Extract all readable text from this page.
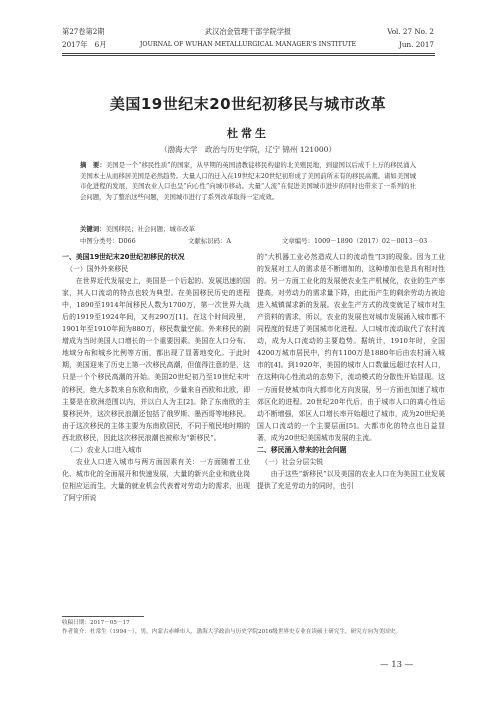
第27卷第2期
2017年　6月
武汉冶金管理干部学院学报
JOURNAL OF WUHAN METALLURGICAL MANAGER'S INSTITUTE
Vol. 27 No. 2
Jun. 2017
美国19世纪末20世纪初移民与城市改革
杜常生
（渤海大学　政治与历史学院，辽宁 锦州 121000）
摘　要：美国是一个“移民性质”的国家，从早期的英国清教徒移民构建的北美殖民地，到建国以后成千上万的移民涌入美国本土从而移居美国是必然趋势。大量人口的迁入在19世纪末20世纪初形成了美国前所未有的移民高潮。诸如美国城市化进程的发展，美国农业人口也呈“向心性”向城市移动。大量“人流”在促进美国城市进步的同时也带来了一系列的社会问题，为了整治这些问题，美国城市进行了系列改革取得一定成效。
关键词：美国移民；社会问题；城市改革
中图分类号：D066	文献标识码：A	文章编号：1009－1890（2017）02－0013－03

一、美国19世纪末20世纪初移民的状况

（一）国外外来移民

在世界近代发展史上，美国是一个后起的、发展迅速的国家，其人口流动的特点也较为典型。在美国移民历史的进程中，1890至1914年间移民人数为1700万，第一次世界大战后的1919至1924年间，又有290万[1]。在这个时间段里，1901年至1910年间为880万，移民数量空前。外来移民的剧增成为当时美国人口增长的一个重要因素。美国在人口分布、地域分布和城乡比例等方面，都出现了显著地变化。于此时期，美国迎来了历史上第一次移民高潮，但值得注意的是，这只是一个个移民高潮的开始。美国20世纪初乃至19世纪末叶的移民，绝大多数来自东欧和南欧，少量来自西欧和北欧，即主要是在欧洲范围以内，并以白人为主[2]。除了东南欧的主要移民外，这次移民浪潮还包括了俄罗斯、墨西哥等地移民。由于这次移民的主体主要为东南欧居民，不同于殖民地时期的西北欧移民，因此这次移民浪潮也被称为“新移民”。

（二）农业人口进入城市

农业人口进入城市与两方面因素有关：一方面随着工业化、城市化的全面展开和快速发展，大量的新兴企业和就业岗位相应运而生，大量的就业机会代表着对劳动力的需求，出现了阿宁所说

的“大机器工业必然造成人口的流动性”[3]的现象。因为工业的发展对工人的需求是不断增加的，这种增加也是具有相对性的。另一方面工业化的发展使农业生产机械化，农业的生产率提高，对劳动力的需求量下降，由此而产生的剩余劳动力被迫进入城镇谋求新的发展。农业生产方式的改变就足了城市对生产资料的需求，所以，农业的发展也对城市发展涌入城市都不同程度的促进了美国城市化进程。人口城市流动取代了农村流动，成为人口流动的主要趋势。据统计，1910年时，全国4200万城市居民中，约有1100万是1880年后由农村涌入城市的[4]。到1920年，美国的城市人口数量远超过农村人口，在这种向心性流动的态势下，流动模式的分散性开始显现。这一方面促使城市向大都市化方向发展，另一方面也加速了城市郊区化的进程。20世纪20年代后，由于城市人口的离心性运动不断增强，郊区人口增长率开始超过了城市，成为20世纪美国人口流动的一个主要层面[5]。大都市化的特点也日益显著，成为20世纪美国城市发展的主流。

二、移民涌入带来的社会问题

（一）社会分层尖锐

由于这些“新移民”以及美国的农业人口在为美国工业发展提供了充足劳动力的同时，也引

收稿日期：2017－05－17
作者简介：杜常生（1994－），男，内蒙古赤峰市人，渤海大学政治与历史学院2016级世界史专业在读硕士研究生，研究方向为美国史。
— 13 —
